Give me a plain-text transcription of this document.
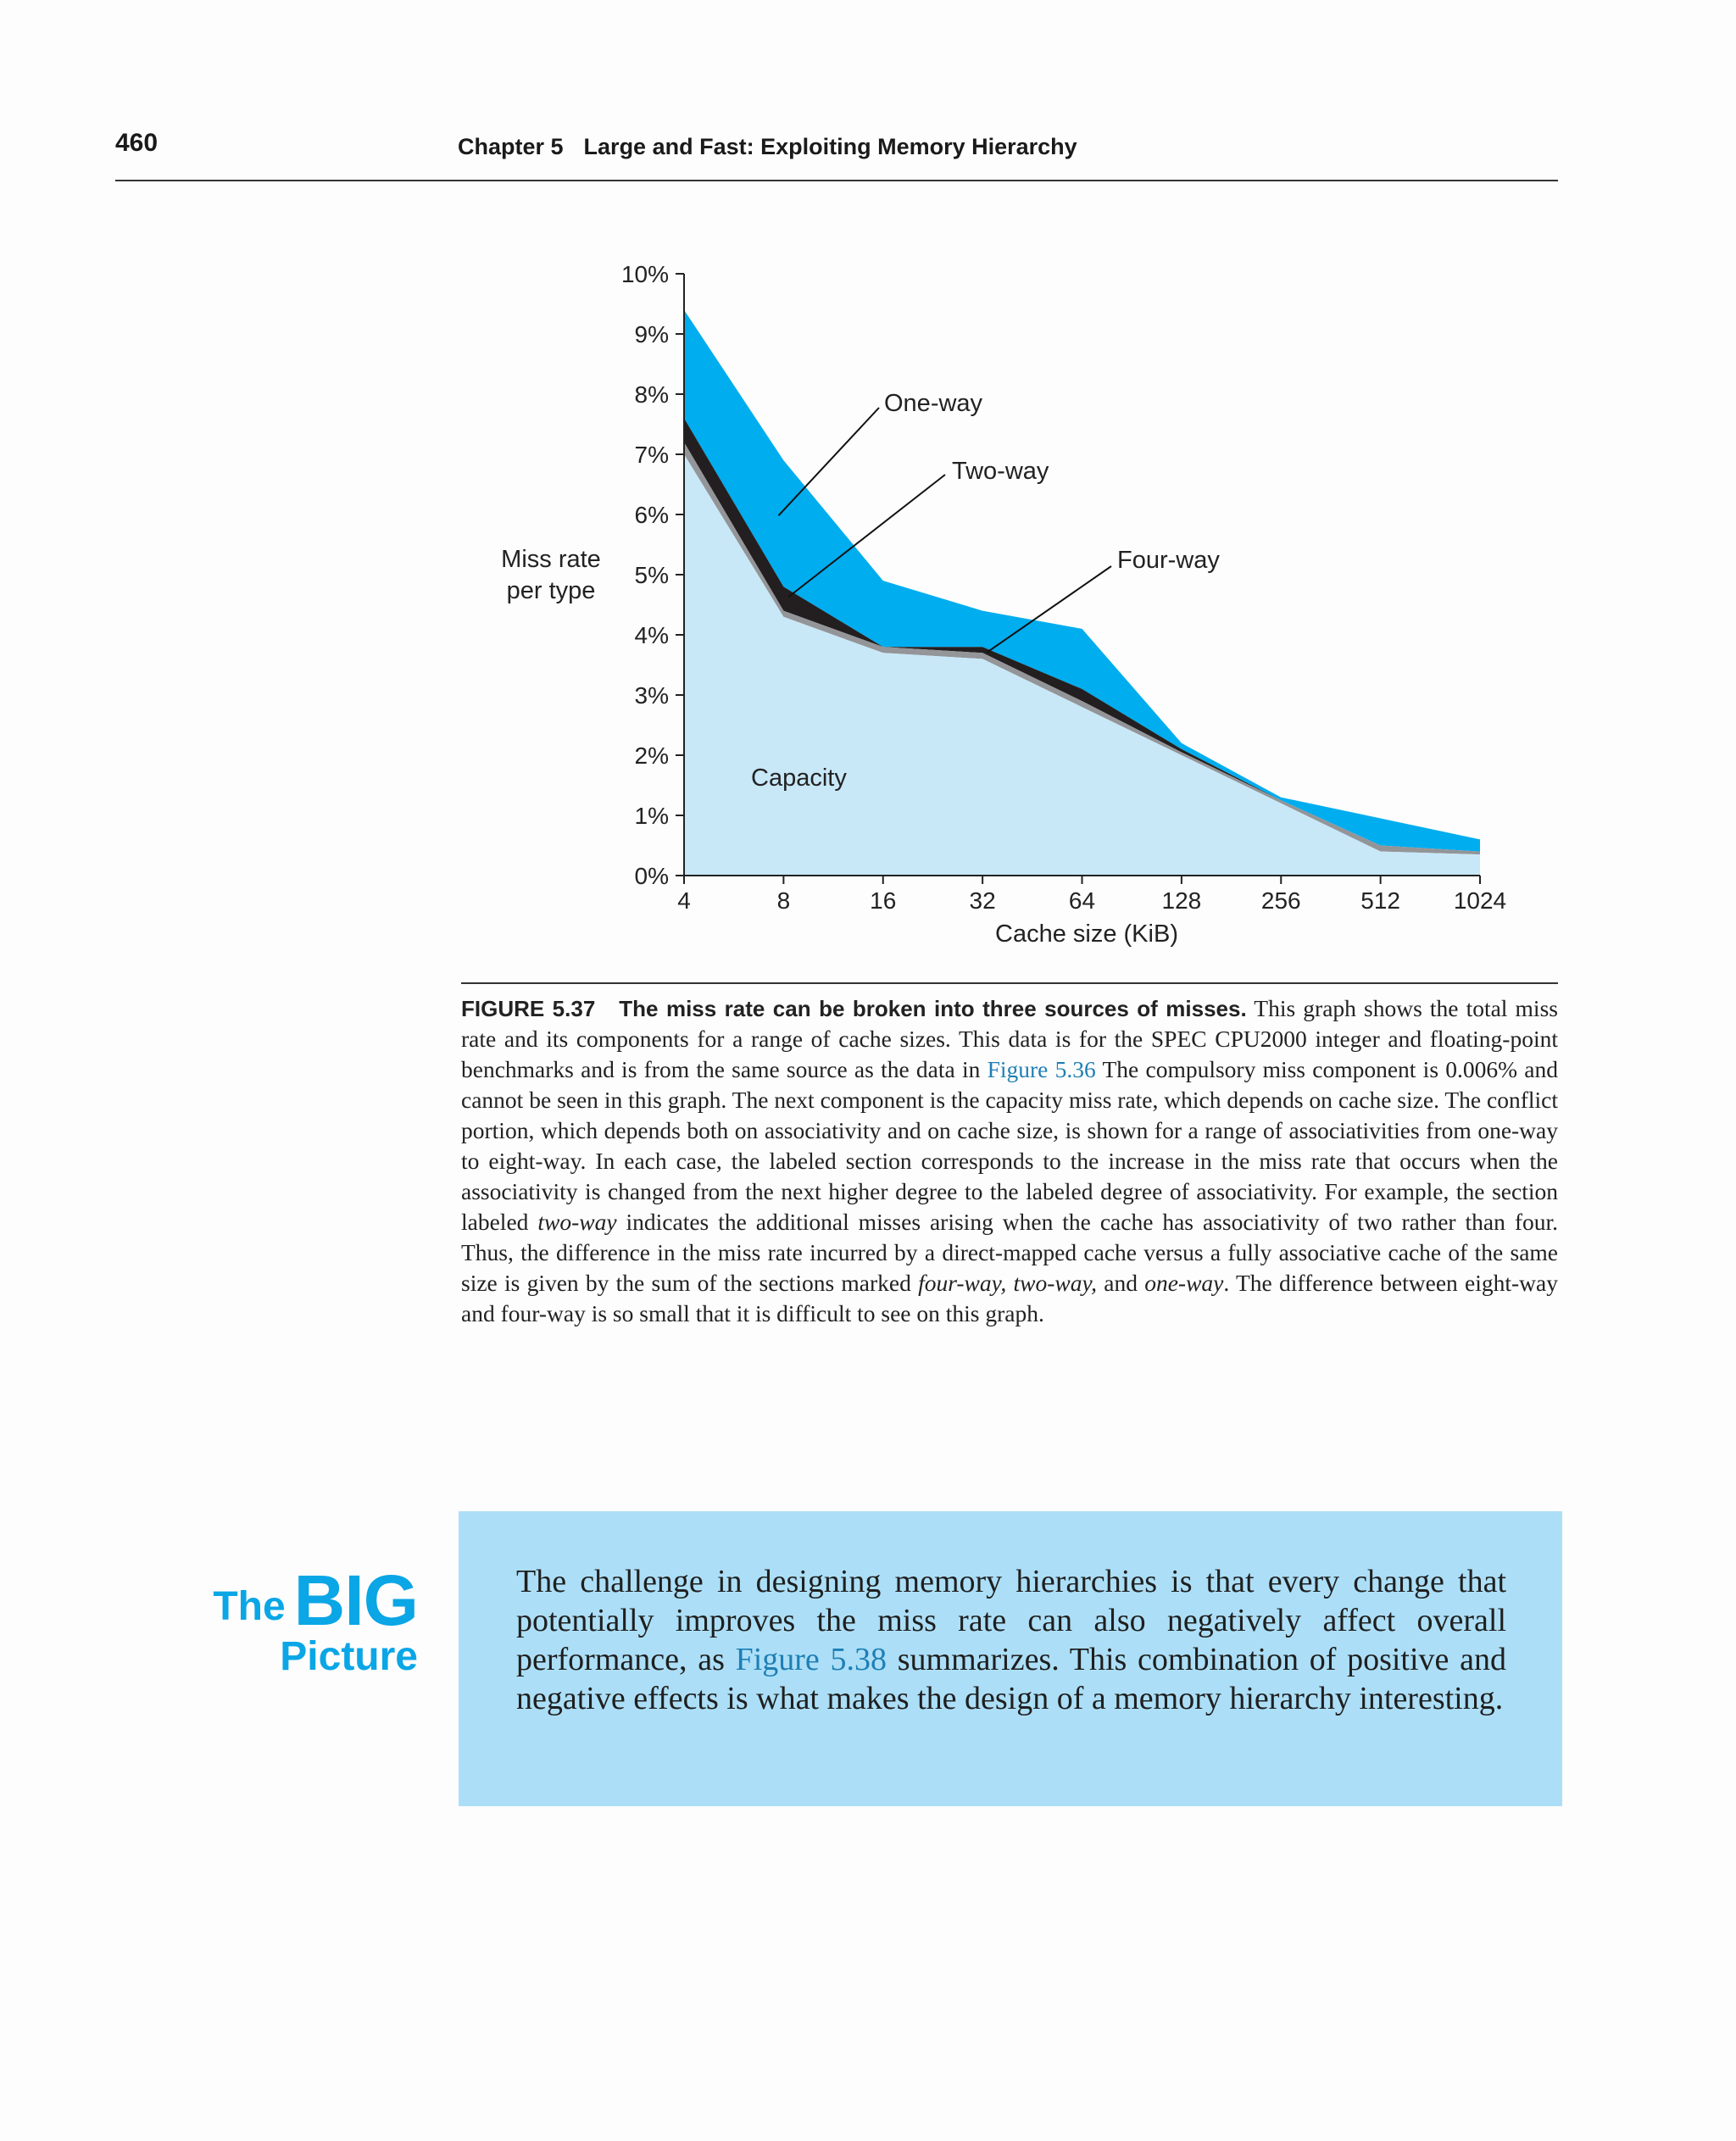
460	Chapter 5 Large and Fast: Exploiting Memory Hierarchy
0%
1%
2%
3%
4%
5%
6%
7%
8%
9%
10%
4	8	16	32	64	128	256	512 1024
One-way
Two-way
Four-way
Capacity
Miss rate
per type
Cache size (KiB)
FIGURE 5.37 The miss rate can be broken into three sources of misses. This graph shows the total miss rate and its components for a range of cache sizes. This data is for the SPEC CPU2000 integer and floating-point benchmarks and is from the same source as the data in Figure 5.36 The compulsory miss component is 0.006% and cannot be seen in this graph. The next component is the capacity miss rate, which depends on cache size. The conflict portion, which depends both on associativity and on cache size, is shown for a range of associativities from one-way to eight-way. In each case, the labeled section corresponds to the increase in the miss rate that occurs when the associativity is changed from the next higher degree to the labeled degree of associativity. For example, the section labeled two-way indicates the additional misses arising when the cache has associativity of two rather than four. Thus, the difference in the miss rate incurred by a direct-mapped cache versus a fully associative cache of the same size is given by the sum of the sections marked four-way, two-way, and one-way. The difference between eight-way and four-way is so small that it is difficult to see on this graph.
The BIG
Picture
The challenge in designing memory hierarchies is that every change that potentially improves the miss rate can also negatively affect overall performance, as Figure 5.38 summarizes. This combination of positive and negative effects is what makes the design of a memory hierarchy interesting.
